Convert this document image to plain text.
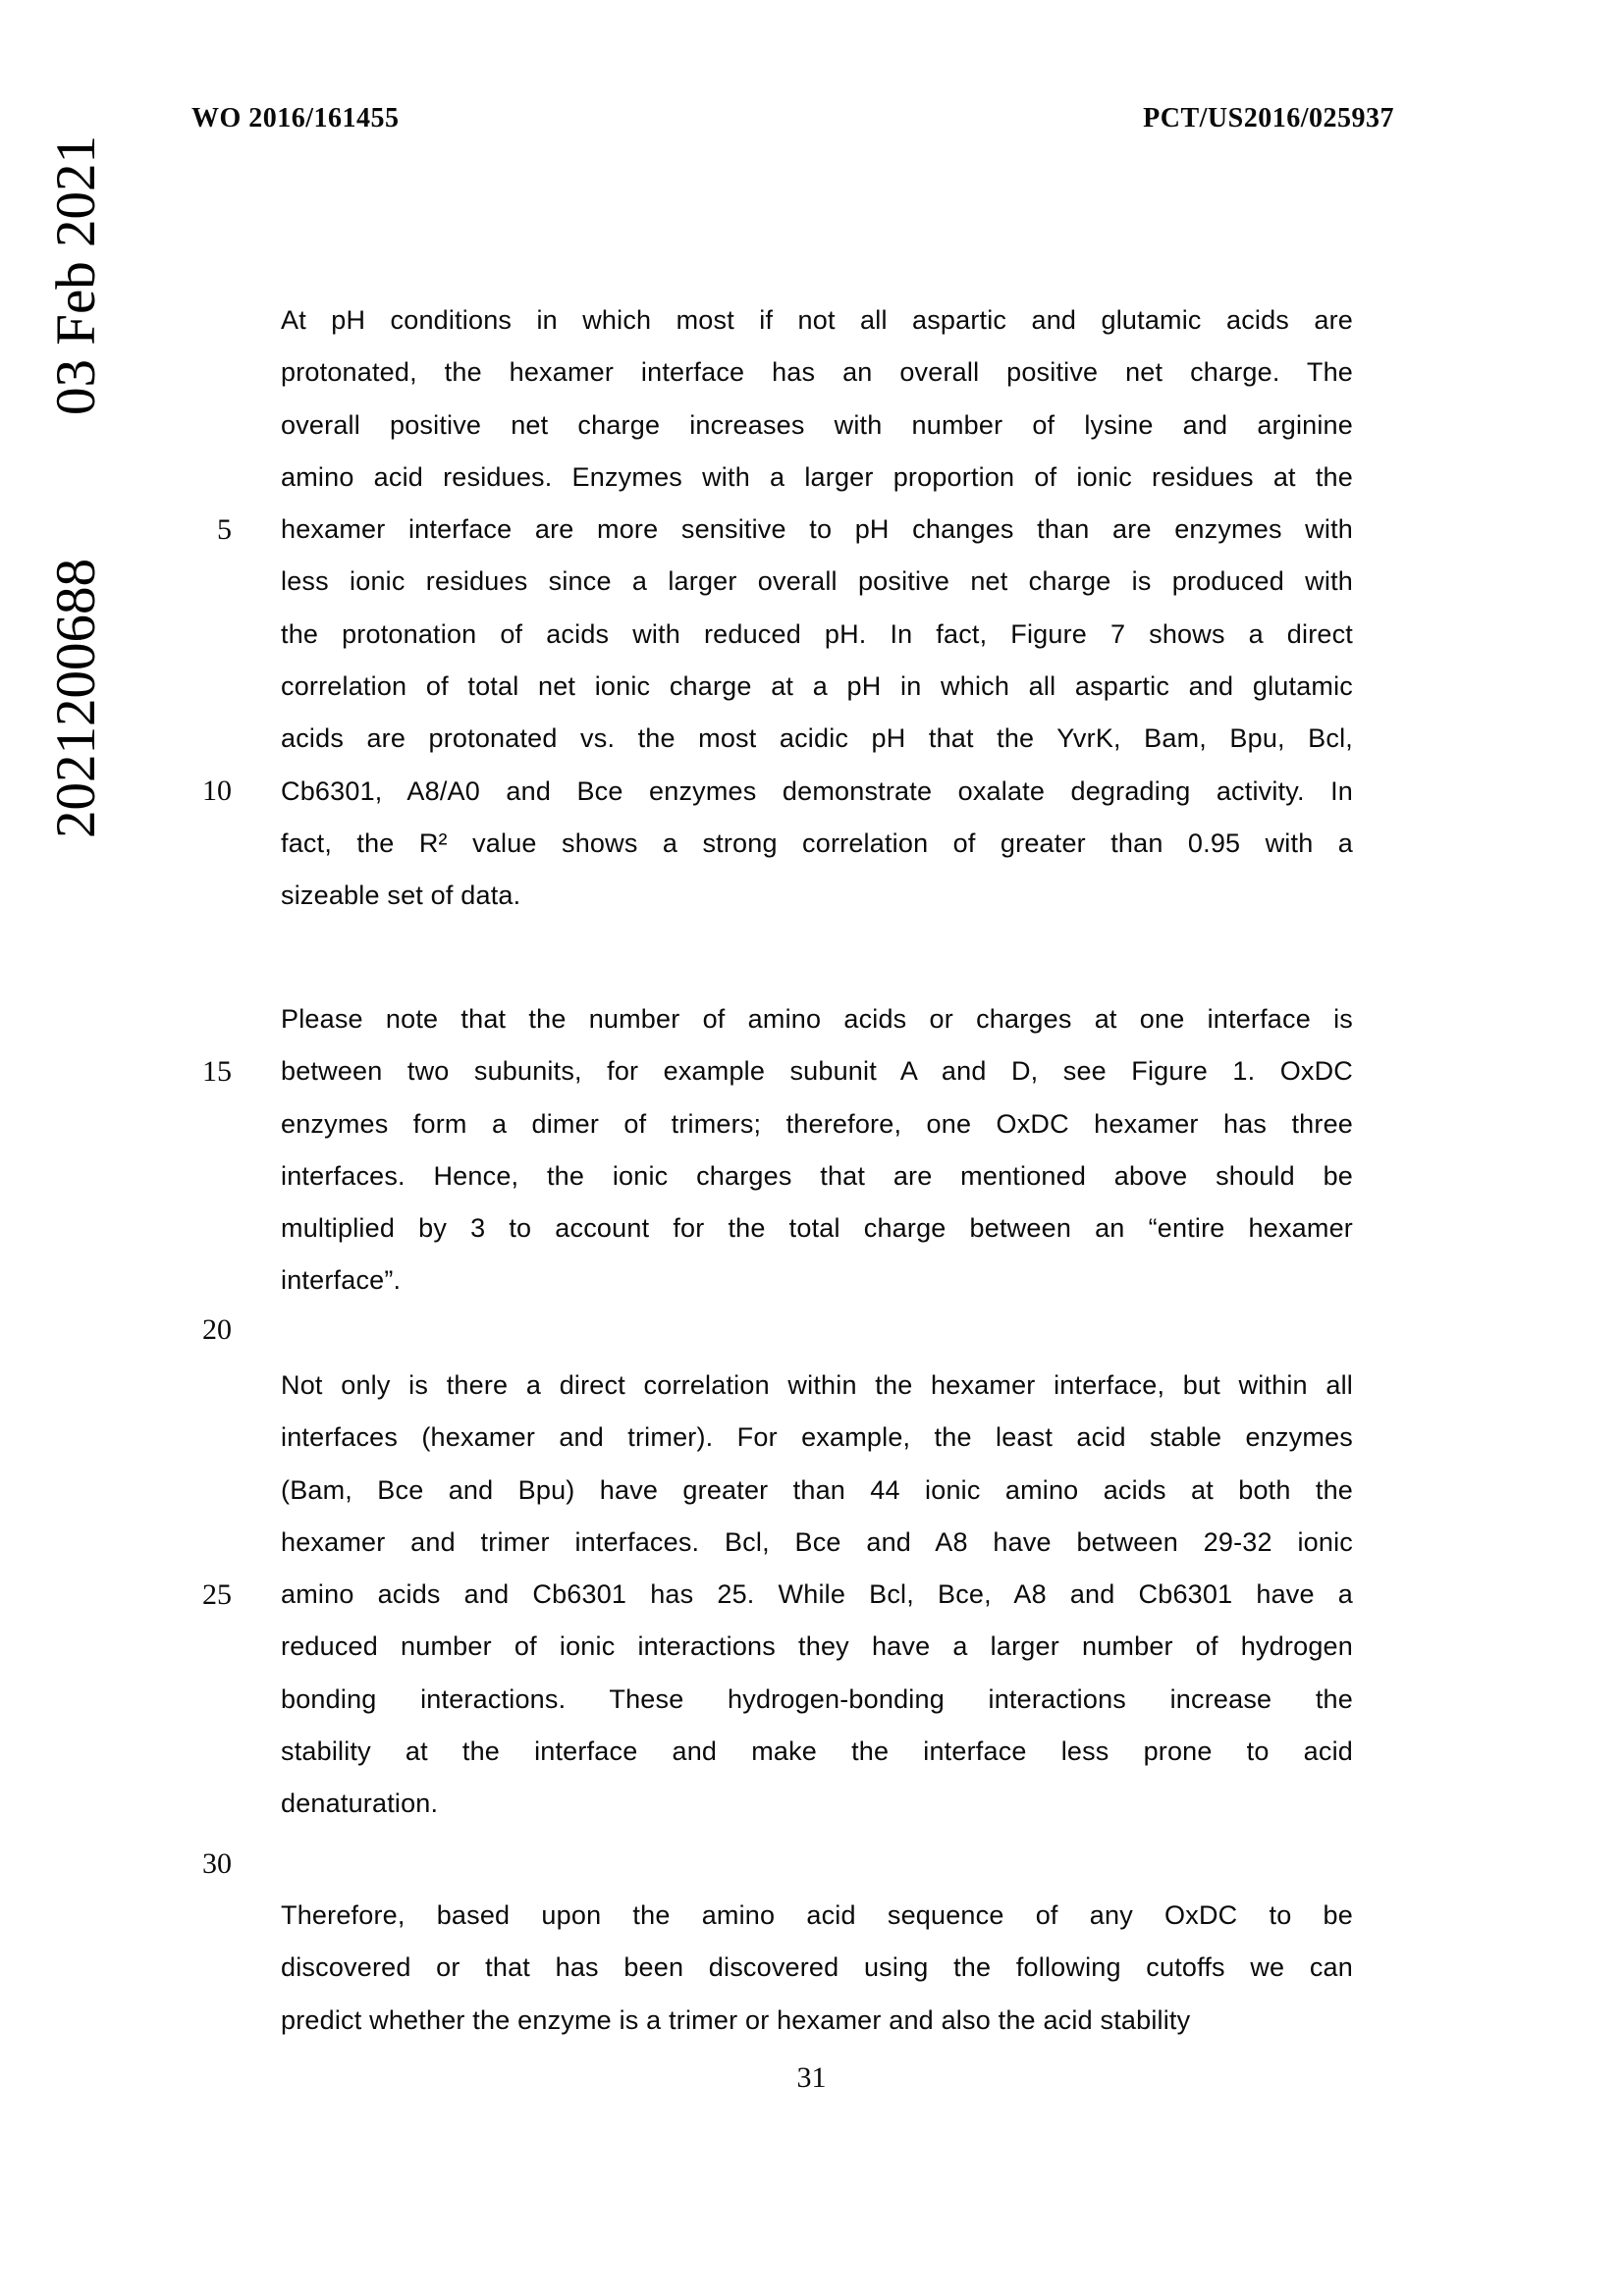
WO 2016/161455	PCT/US2016/025937
2021200688
03 Feb 2021
5
10
15
20
25
30
At pH conditions in which most if not all aspartic and glutamic acids are
protonated, the hexamer interface has an overall positive net charge. The
overall positive net charge increases with number of lysine and arginine
amino acid residues. Enzymes with a larger proportion of ionic residues at the
hexamer interface are more sensitive to pH changes than are enzymes with
less ionic residues since a larger overall positive net charge is produced with
the protonation of acids with reduced pH. In fact, Figure 7 shows a direct
correlation of total net ionic charge at a pH in which all aspartic and glutamic
acids are protonated vs. the most acidic pH that the YvrK, Bam, Bpu, Bcl,
Cb6301, A8/A0 and Bce enzymes demonstrate oxalate degrading activity. In
fact, the R² value shows a strong correlation of greater than 0.95 with a
sizeable set of data.
Please note that the number of amino acids or charges at one interface is
between two subunits, for example subunit A and D, see Figure 1. OxDC
enzymes form a dimer of trimers; therefore, one OxDC hexamer has three
interfaces. Hence, the ionic charges that are mentioned above should be
multiplied by 3 to account for the total charge between an “entire hexamer
interface”.
Not only is there a direct correlation within the hexamer interface, but within all
interfaces (hexamer and trimer). For example, the least acid stable enzymes
(Bam, Bce and Bpu) have greater than 44 ionic amino acids at both the
hexamer and trimer interfaces. Bcl, Bce and A8 have between 29-32 ionic
amino acids and Cb6301 has 25. While Bcl, Bce, A8 and Cb6301 have a
reduced number of ionic interactions they have a larger number of hydrogen
bonding interactions. These hydrogen-bonding interactions increase the
stability at the interface and make the interface less prone to acid
denaturation.
Therefore, based upon the amino acid sequence of any OxDC to be
discovered or that has been discovered using the following cutoffs we can
predict whether the enzyme is a trimer or hexamer and also the acid stability
31
